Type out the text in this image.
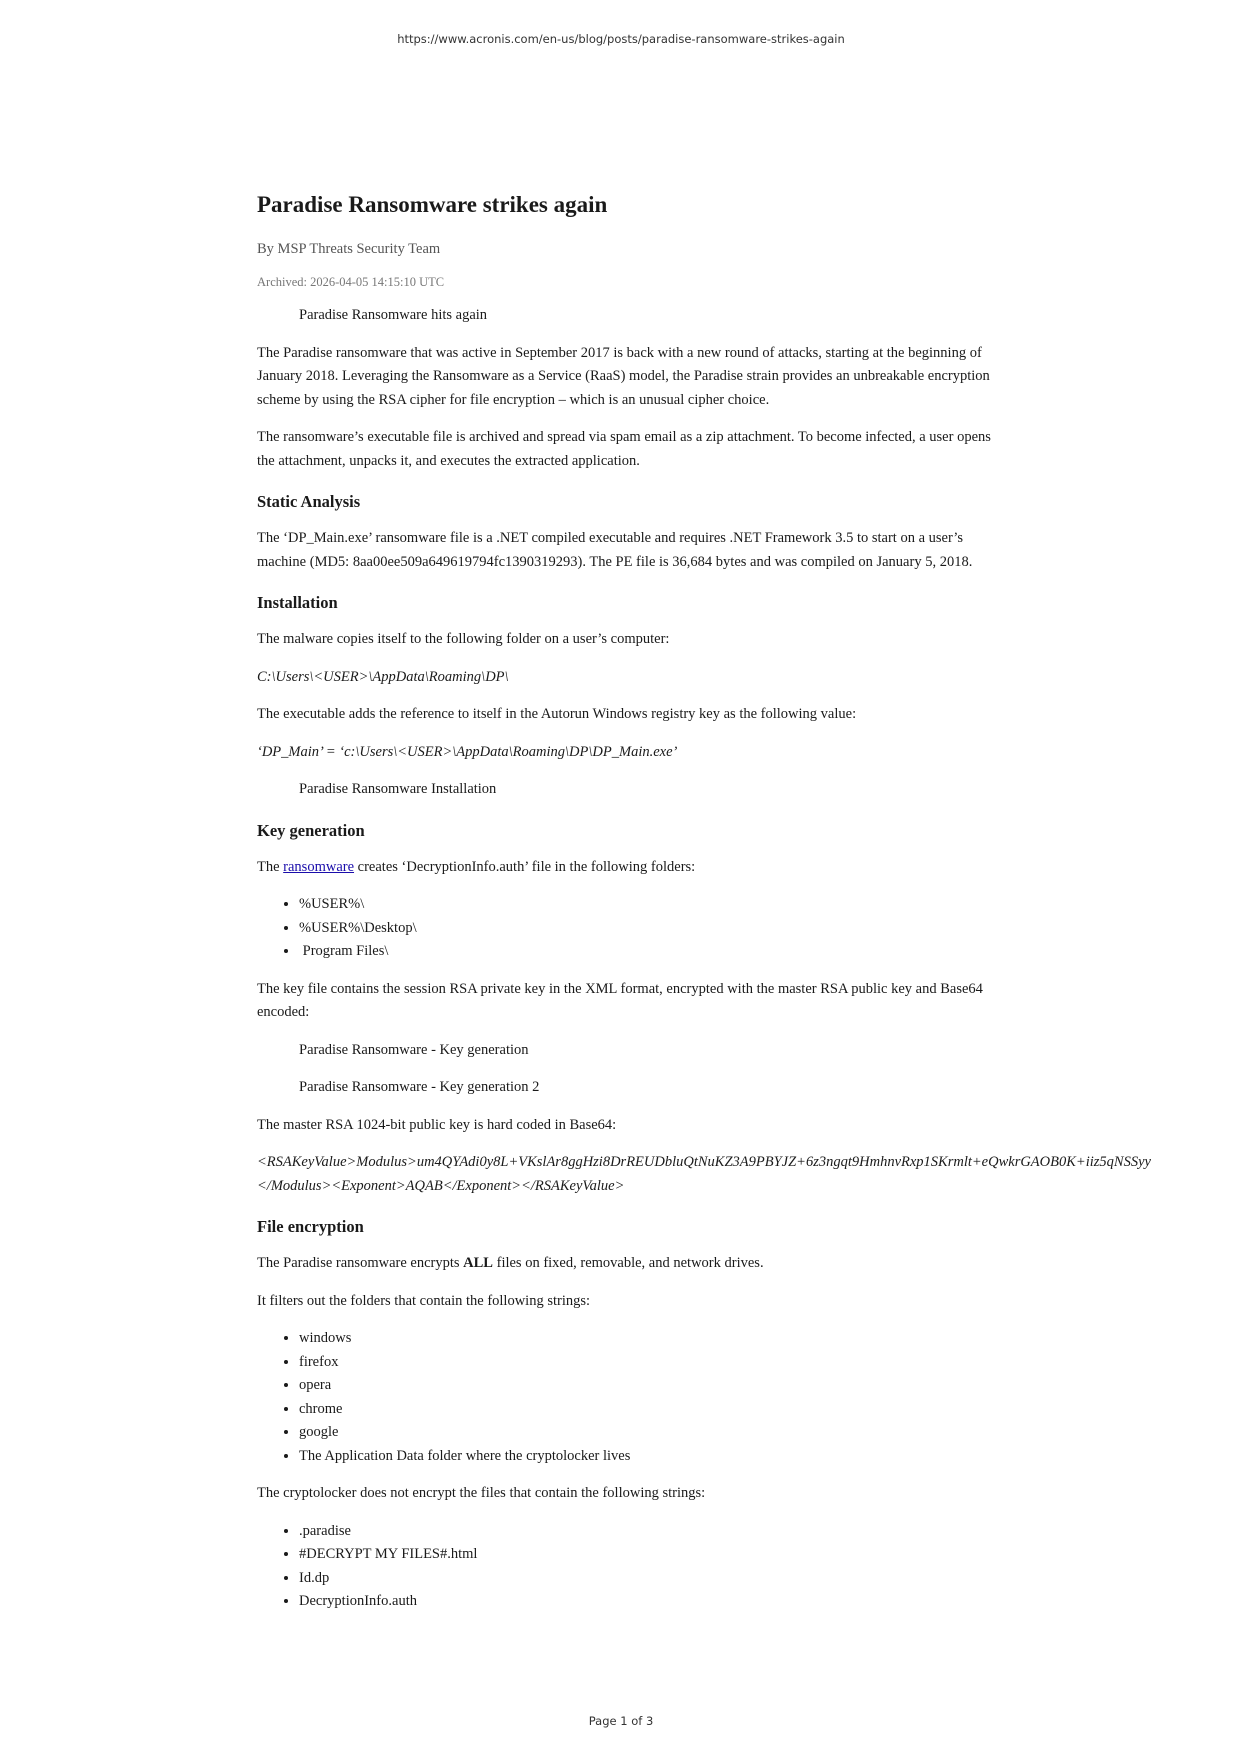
https://www.acronis.com/en-us/blog/posts/paradise-ransomware-strikes-again
Paradise Ransomware strikes again
By MSP Threats Security Team
Archived: 2026-04-05 14:15:10 UTC

Paradise Ransomware hits again

The Paradise ransomware that was active in September 2017 is back with a new round of attacks, starting at the beginning of January 2018. Leveraging the Ransomware as a Service (RaaS) model, the Paradise strain provides an unbreakable encryption scheme by using the RSA cipher for file encryption – which is an unusual cipher choice.

The ransomware’s executable file is archived and spread via spam email as a zip attachment. To become infected, a user opens the attachment, unpacks it, and executes the extracted application.

Static Analysis

The ‘DP_Main.exe’ ransomware file is a .NET compiled executable and requires .NET Framework 3.5 to start on a user’s machine (MD5: 8aa00ee509a649619794fc1390319293). The PE file is 36,684 bytes and was compiled on January 5, 2018.

Installation

The malware copies itself to the following folder on a user’s computer:

C:\Users\<USER>\AppData\Roaming\DP\

The executable adds the reference to itself in the Autorun Windows registry key as the following value:

‘DP_Main’ = ‘c:\Users\<USER>\AppData\Roaming\DP\DP_Main.exe’

Paradise Ransomware Installation

Key generation

The ransomware creates ‘DecryptionInfo.auth’ file in the following folders:

• %USER%\
• %USER%\Desktop\
•  Program Files\

The key file contains the session RSA private key in the XML format, encrypted with the master RSA public key and Base64 encoded:

Paradise Ransomware - Key generation

Paradise Ransomware - Key generation 2

The master RSA 1024-bit public key is hard coded in Base64:

<RSAKeyValue>Modulus>um4QYAdi0y8L+VKslAr8ggHzi8DrREUDbluQtNuKZ3A9PBYJZ+6z3ngqt9HmhnvRxp1SKrmlt+eQwkrGAOB0K+iiz5qNSSyy
</Modulus><Exponent>AQAB</Exponent></RSAKeyValue>

File encryption

The Paradise ransomware encrypts ALL files on fixed, removable, and network drives.

It filters out the folders that contain the following strings:

• windows
• firefox
• opera
• chrome
• google
• The Application Data folder where the cryptolocker lives

The cryptolocker does not encrypt the files that contain the following strings:

• .paradise
• #DECRYPT MY FILES#.html
• Id.dp
• DecryptionInfo.auth
Page 1 of 3
